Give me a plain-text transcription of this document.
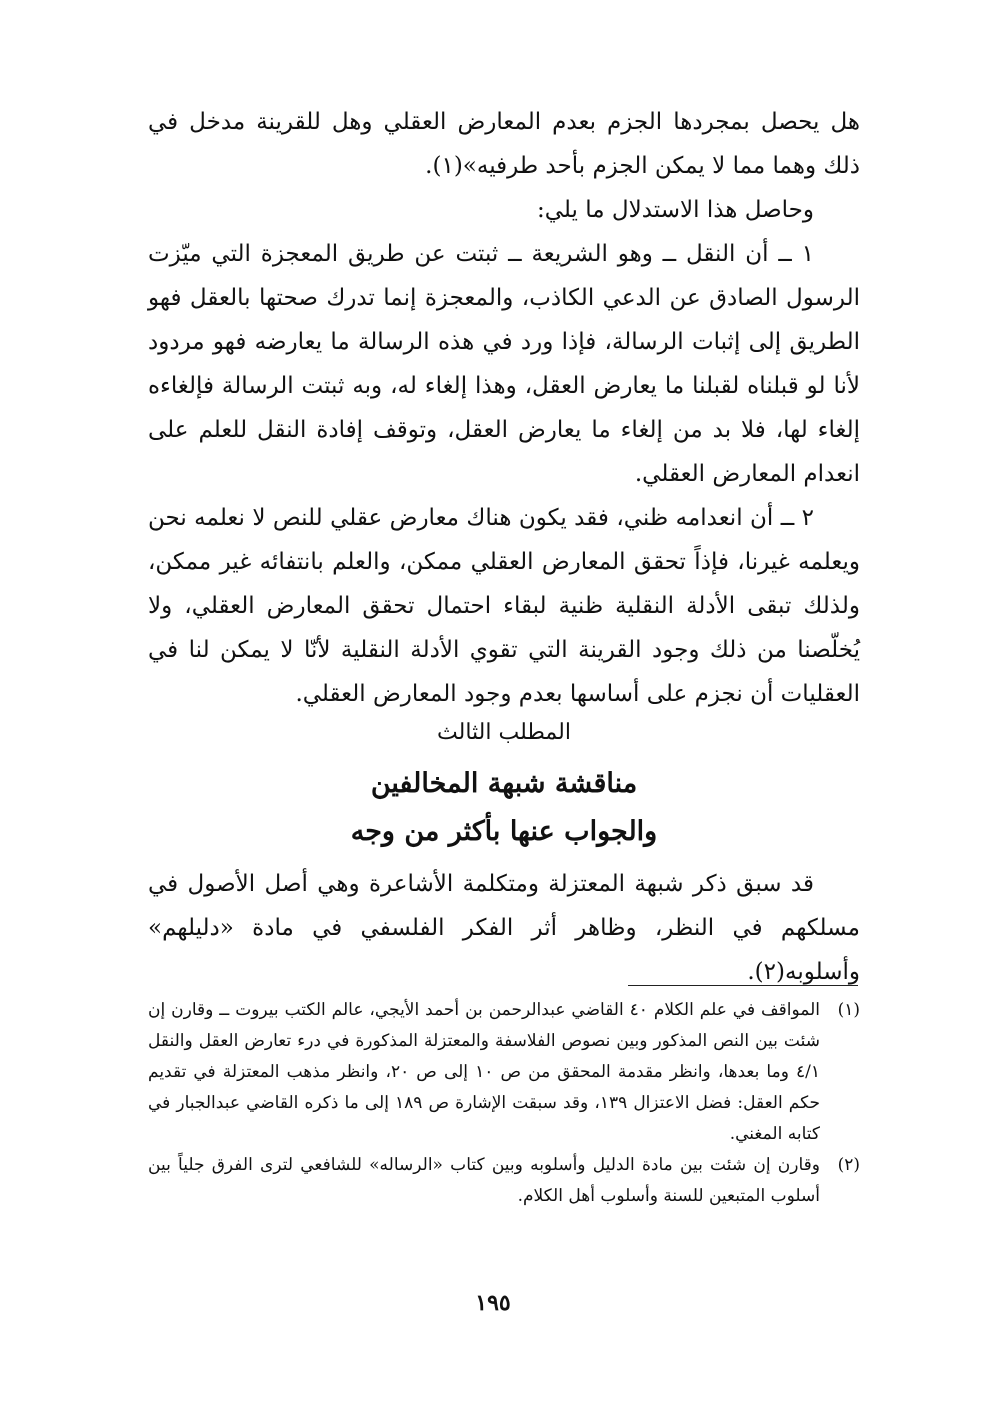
هل يحصل بمجردها الجزم بعدم المعارض العقلي وهل للقرينة مدخل في ذلك وهما مما لا يمكن الجزم بأحد طرفيه»(١).

وحاصل هذا الاستدلال ما يلي:

١ ــ أن النقل ــ وهو الشريعة ــ ثبتت عن طريق المعجزة التي ميّزت الرسول الصادق عن الدعي الكاذب، والمعجزة إنما تدرك صحتها بالعقل فهو الطريق إلى إثبات الرسالة، فإذا ورد في هذه الرسالة ما يعارضه فهو مردود لأنا لو قبلناه لقبلنا ما يعارض العقل، وهذا إلغاء له، وبه ثبتت الرسالة فإلغاءه إلغاء لها، فلا بد من إلغاء ما يعارض العقل، وتوقف إفادة النقل للعلم على انعدام المعارض العقلي.

٢ ــ أن انعدامه ظني، فقد يكون هناك معارض عقلي للنص لا نعلمه نحن ويعلمه غيرنا، فإذاً تحقق المعارض العقلي ممكن، والعلم بانتفائه غير ممكن، ولذلك تبقى الأدلة النقلية ظنية لبقاء احتمال تحقق المعارض العقلي، ولا يُخلّصنا من ذلك وجود القرينة التي تقوي الأدلة النقلية لأنّا لا يمكن لنا في العقليات أن نجزم على أساسها بعدم وجود المعارض العقلي.

المطلب الثالث

مناقشة شبهة المخالفين

والجواب عنها بأكثر من وجه

قد سبق ذكر شبهة المعتزلة ومتكلمة الأشاعرة وهي أصل الأصول في مسلكهم في النظر، وظاهر أثر الفكر الفلسفي في مادة «دليلهم» وأسلوبه(٢).

(١)
المواقف في علم الكلام ٤٠ القاضي عبدالرحمن بن أحمد الأيجي، عالم الكتب بيروت ــ وقارن إن شئت بين النص المذكور وبين نصوص الفلاسفة والمعتزلة المذكورة في درء تعارض العقل والنقل ٤/١ وما بعدها، وانظر مقدمة المحقق من ص ١٠ إلى ص ٢٠، وانظر مذهب المعتزلة في تقديم حكم العقل: فضل الاعتزال ١٣٩، وقد سبقت الإشارة ص ١٨٩ إلى ما ذكره القاضي عبدالجبار في كتابه المغني.
(٢)
وقارن إن شئت بين مادة الدليل وأسلوبه وبين كتاب «الرساله» للشافعي لترى الفرق جلياً بين أسلوب المتبعين للسنة وأسلوب أهل الكلام.
١٩٥
